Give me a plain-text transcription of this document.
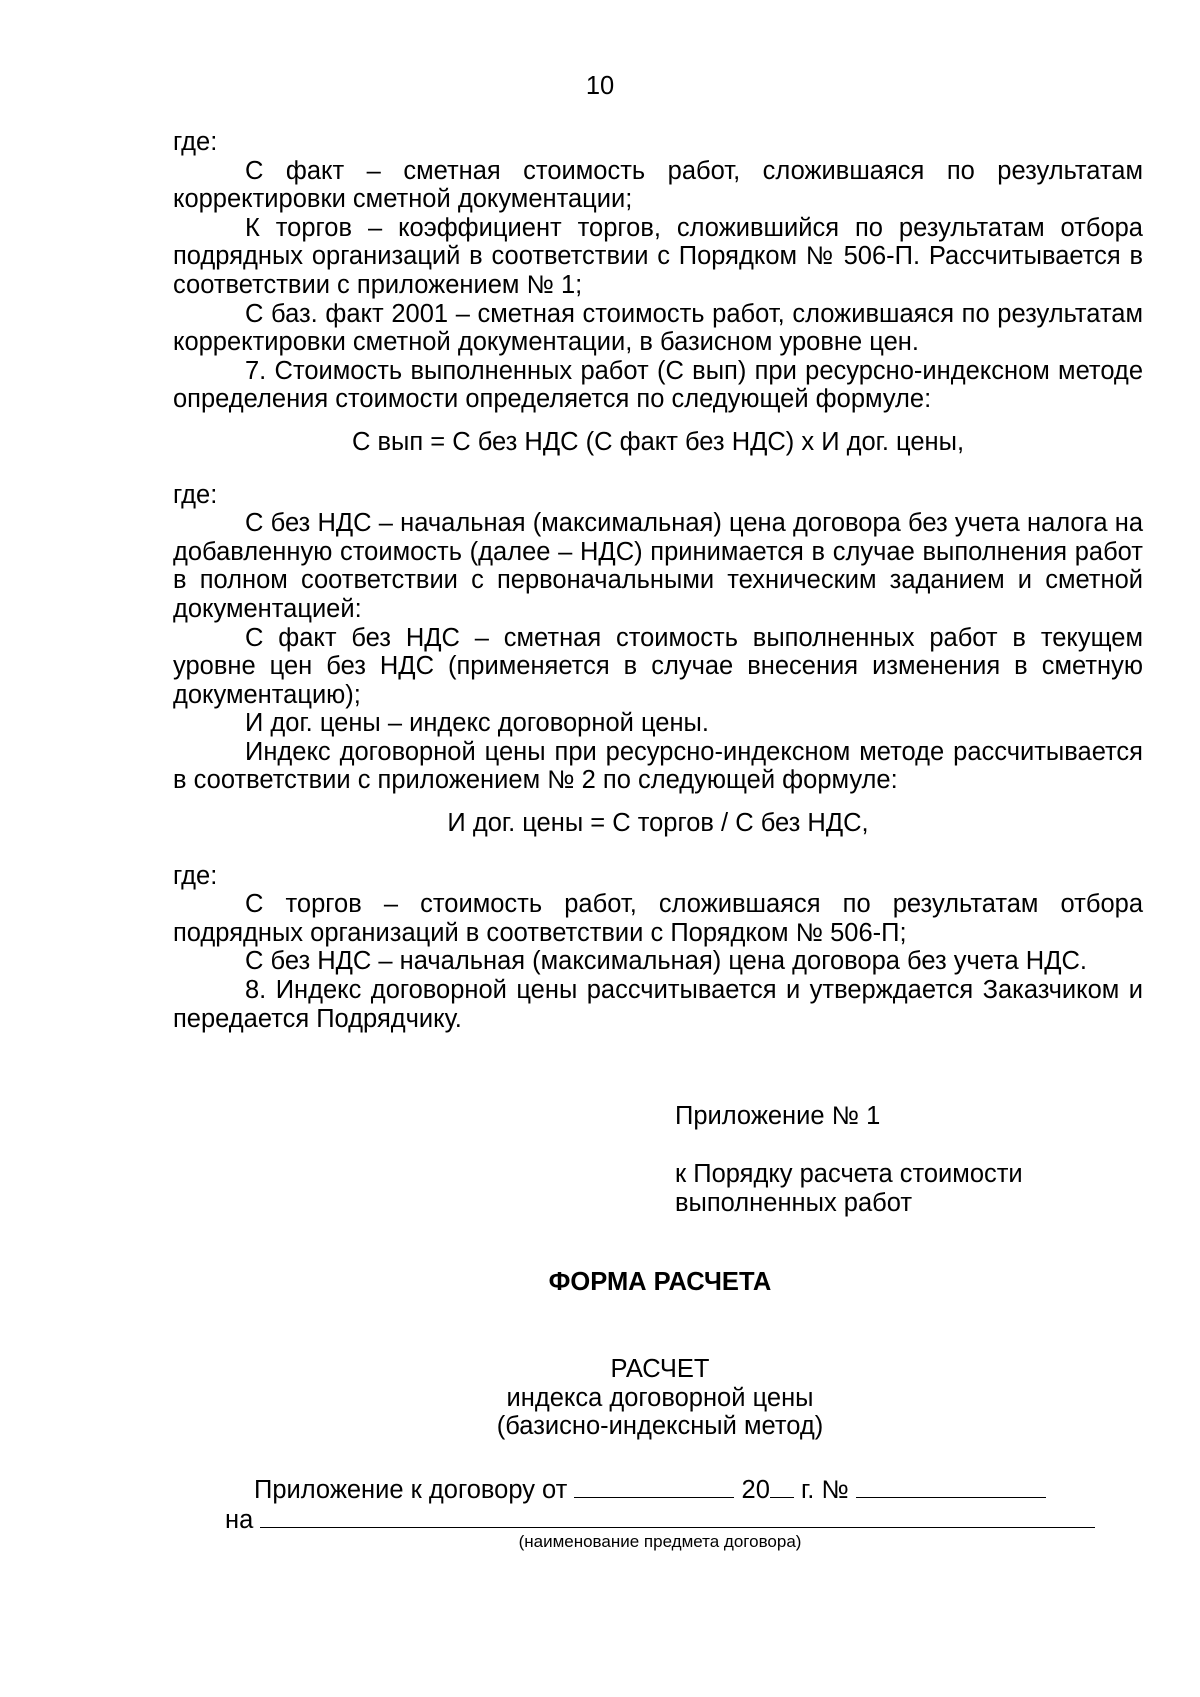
10

где:

С факт – сметная стоимость работ, сложившаяся по результатам корректировки сметной документации;

К торгов – коэффициент торгов, сложившийся по результатам отбора подрядных организаций в соответствии с Порядком № 506-П. Рассчитывается в соответствии с приложением № 1;

С баз. факт 2001 – сметная стоимость работ, сложившаяся по результатам корректировки сметной документации, в базисном уровне цен.

7. Стоимость выполненных работ (С вып) при ресурсно-индексном методе определения стоимости определяется по следующей формуле:

С вып = С без НДС (С факт без НДС) х И дог. цены,

где:

С без НДС – начальная (максимальная) цена договора без учета налога на добавленную стоимость (далее – НДС) принимается в случае выполнения работ в полном соответствии с первоначальными техническим заданием и сметной документацией:

С факт без НДС – сметная стоимость выполненных работ в текущем уровне цен без НДС (применяется в случае внесения изменения в сметную документацию);

И дог. цены – индекс договорной цены.

Индекс договорной цены при ресурсно-индексном методе рассчитывается в соответствии с приложением № 2 по следующей формуле:

И дог. цены = С торгов / С без НДС,

где:

С торгов – стоимость работ, сложившаяся по результатам отбора подрядных организаций в соответствии с Порядком № 506-П;

С без НДС – начальная (максимальная) цена договора без учета НДС.

8. Индекс договорной цены рассчитывается и утверждается Заказчиком и передается Подрядчику.

Приложение № 1

к Порядку расчета стоимости

выполненных работ

ФОРМА РАСЧЕТА

РАСЧЕТ

индекса договорной цены

(базисно-индексный метод)

Приложение к договору от	20 г. №
на
(наименование предмета договора)
